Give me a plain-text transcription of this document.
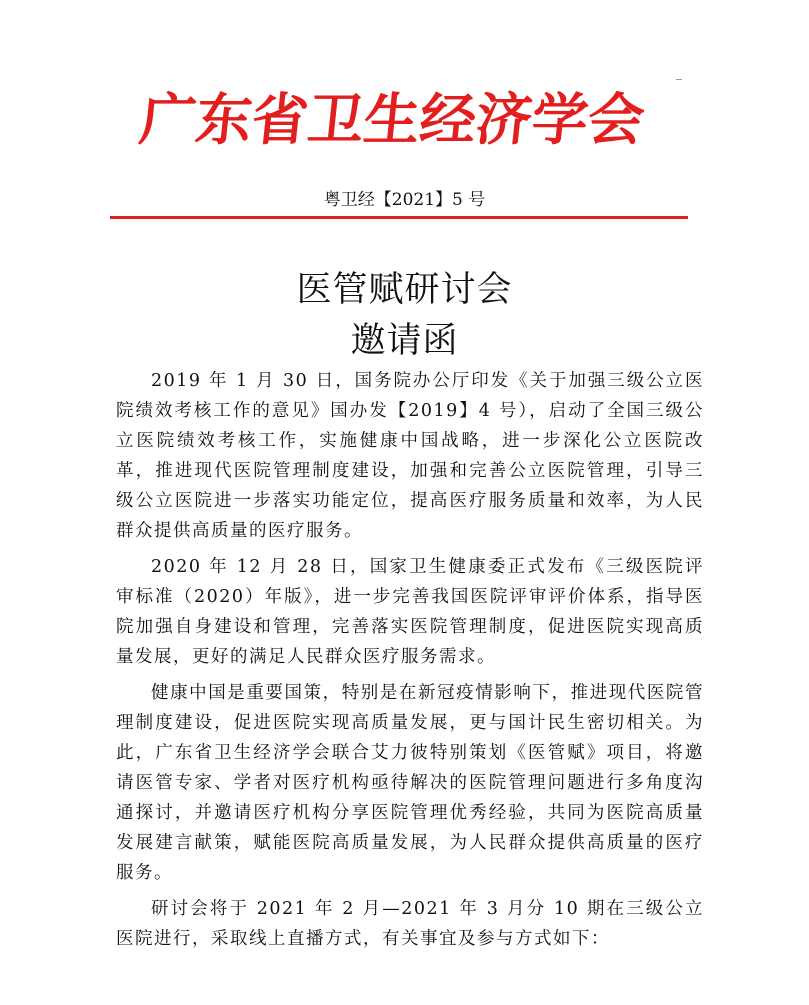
广
东
省
卫
生
经
济
学
会
粤卫经【2021】5 号
医管赋研讨会
邀请函

2019 年 1 月 30 日，国务院办公厅印发《关于加强三级公立医院绩效考核工作的意见》国办发【2019】4 号），启动了全国三级公立医院绩效考核工作，实施健康中国战略，进一步深化公立医院改革，推进现代医院管理制度建设，加强和完善公立医院管理，引导三级公立医院进一步落实功能定位，提高医疗服务质量和效率，为人民群众提供高质量的医疗服务。

2020 年 12 月 28 日，国家卫生健康委正式发布《三级医院评审标准（2020）年版》，进一步完善我国医院评审评价体系，指导医院加强自身建设和管理，完善落实医院管理制度，促进医院实现高质量发展，更好的满足人民群众医疗服务需求。

健康中国是重要国策，特别是在新冠疫情影响下，推进现代医院管理制度建设，促进医院实现高质量发展，更与国计民生密切相关。为此，广东省卫生经济学会联合艾力彼特别策划《医管赋》项目，将邀请医管专家、学者对医疗机构亟待解决的医院管理问题进行多角度沟通探讨，并邀请医疗机构分享医院管理优秀经验，共同为医院高质量发展建言献策，赋能医院高质量发展，为人民群众提供高质量的医疗服务。

研讨会将于 2021 年 2 月—2021 年 3 月分 10 期在三级公立医院进行，采取线上直播方式，有关事宜及参与方式如下：
